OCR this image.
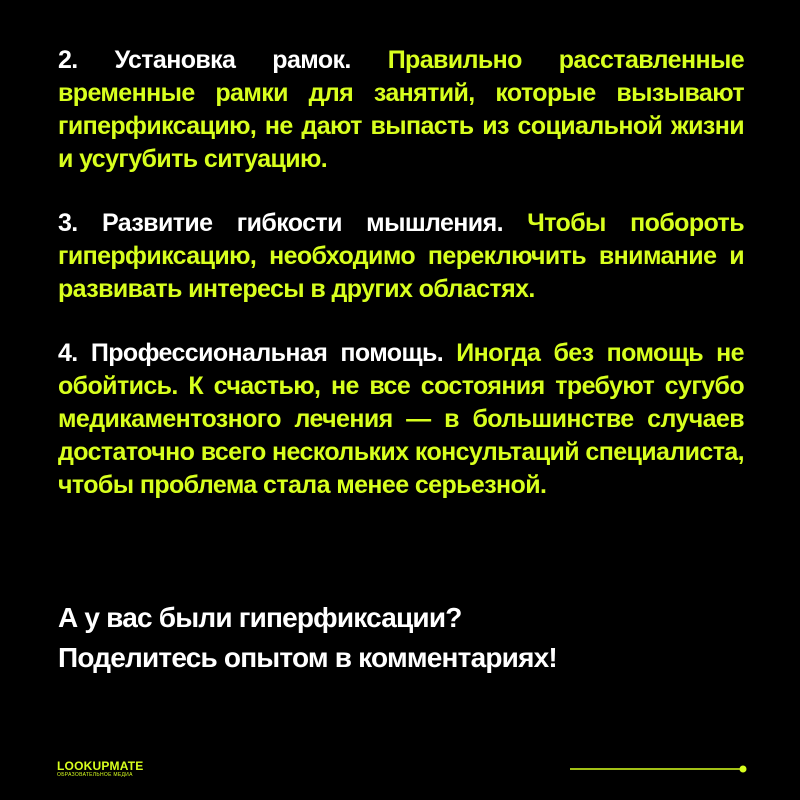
2. Установка рамок. Правильно расставленные временные рамки для занятий, которые вызывают гиперфиксацию, не дают выпасть из социальной жизни и усугубить ситуацию.

3. Развитие гибкости мышления. Чтобы побороть гиперфиксацию, необходимо переключить внимание и развивать интересы в других областях.

4. Профессиональная помощь. Иногда без помощь не обойтись. К счастью, не все состояния требуют сугубо медикаментозного лечения — в большинстве случаев достаточно всего нескольких консультаций специалиста, чтобы проблема стала менее серьезной.

А у вас были гиперфиксации?
Поделитесь опытом в комментариях!
LOOKUPMATE
ОБРАЗОВАТЕЛЬНОЕ МЕДИА
